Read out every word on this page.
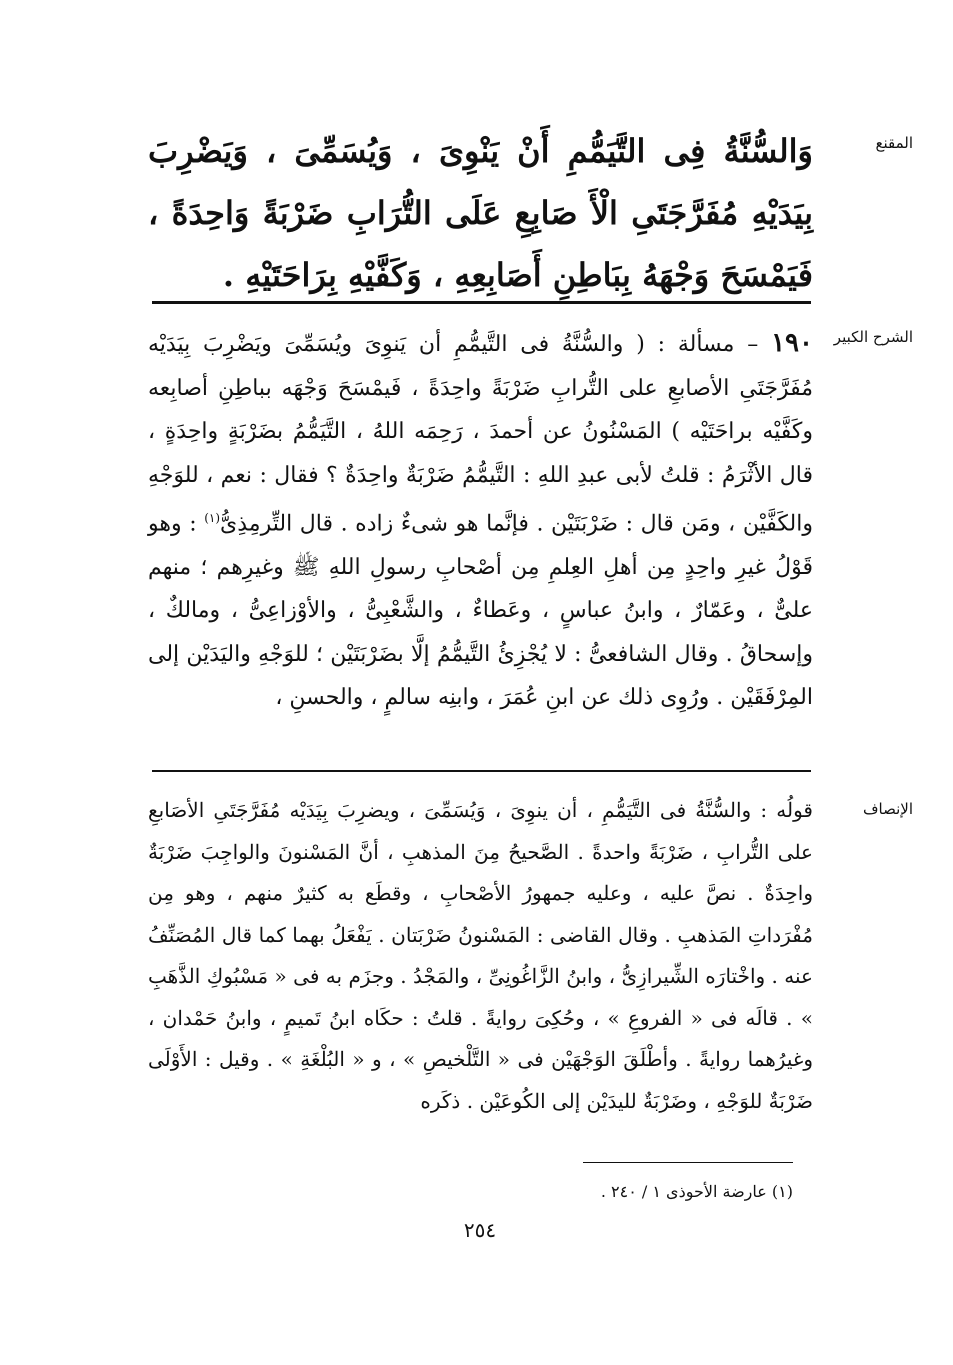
المقنع

وَالسُّنَّةُ فِى التَّيَمُّمِ أَنْ يَنْوِىَ ، وَيُسَمِّىَ ، وَيَضْرِبَ بِيَدَيْهِ مُفَرَّجَتَىِ الْأَ صَابِعِ عَلَى التُّرَابِ ضَرْبَةً وَاحِدَةً ، فَيَمْسَحَ وَجْهَهُ بِبَاطِنِ أَصَابِعِهِ ، وَكَفَّيْهِ بِرَاحَتَيْهِ .

الشرح الكبير

١٩٠ – مسألة : ( والسُّنَّةُ فى التَّيمُّمِ أن يَنوِىَ ويُسَمِّىَ ويَضْرِبَ بِيَدَيْه مُفَرَّجَتَىِ الأصابعِ على التُّرابِ ضَرْبَةً واحِدَةً ، فَيمْسَحَ وَجْهَه بباطِنِ أصابِعه وكَفَّيْه براحَتَيْه ) المَسْنُونُ عن أحمدَ ، رَحِمَه اللهُ ، التَّيَمُّمُ بضَرْبَةٍ واحِدَةٍ ، قال الأثْرَمُ : قلتُ لأبى عبدِ اللهِ : التَّيمُّمُ ضَرْبَةٌ واحِدَةٌ ؟ فقال : نعم ، للوَجْهِ والكَفَّيْن ، ومَن قال : ضَرْبَتَيْن . فإنَّما هو شىءٌ زاده . قال التِّرمِذِىُّ$^{(١)}$ : وهو قَوْلُ غيرِ واحِدٍ مِن أهلِ العِلمِ مِن أصْحابِ رسولِ اللهِ ﷺ وغيرِهم ؛ منهم علىٌّ ، وعَمّارٌ ، وابنُ عباسٍ ، وعَطاءٌ ، والشَّعْبِىُّ ، والأوْزاعِىُّ ، ومالكٌ ، وإسحاقُ . وقال الشافعىُّ : لا يُجْزِئُ التَّيمُّمُ إلَّا بضَرْبَتَيْن ؛ للوَجْهِ واليَدَيْن إلى المِرْفَقَيْن . ورُوِى ذلك عن ابنِ عُمَرَ ، وابنِه سالمٍ ، والحسنِ ،

الإنصاف

قولُه : والسُّنَّةُ فى التَّيَمُّمِ ، أن ينوِىَ ، وَيُسَمِّىَ ، ويضرِبَ بِيَدَيْه مُفَرَّجَتَىِ الأصَابعِ على التُّرابِ ، ضَرْبَةً واحدةً . الصَّحيحُ مِنَ المذهبِ ، أنَّ المَسْنونَ والواجِبَ ضَرْبَةٌ واحِدَةٌ . نصَّ عليه ، وعليه جمهورُ الأصْحابِ ، وقطَع به كثيرٌ منهم ، وهو مِن مُفْرَداتِ المَذهبِ . وقال القاضى : المَسْنونُ ضَرْبَتان . يَفْعَلُ بهما كما قال المُصَنِّفُ عنه . واخْتارَه الشِّيرازِىُّ ، وابنُ الزَّاغُونِىِّ ، والمَجْدُ . وجزَم به فى « مَسْبُوكِ الذَّهَبِ » . قالَه فى « الفروعِ » ، وحُكِىَ روايةً . قلتُ : حكَاه ابنُ تَميمٍ ، وابنُ حَمْدان ، وغيرُهما روايةً . وأطْلَقَ الوَجْهَيْن فى « التَّلْخيصِ » ، و « البُلْغَةِ » . وقيل : الأَوْلَى ضَرْبَةٌ للوَجْهِ ، وضَرْبَةٌ لليدَيْن إلى الكُوعَيْن . ذكَره

(١) عارضة الأحوذى ١ / ٢٤٠ .
٢٥٤
